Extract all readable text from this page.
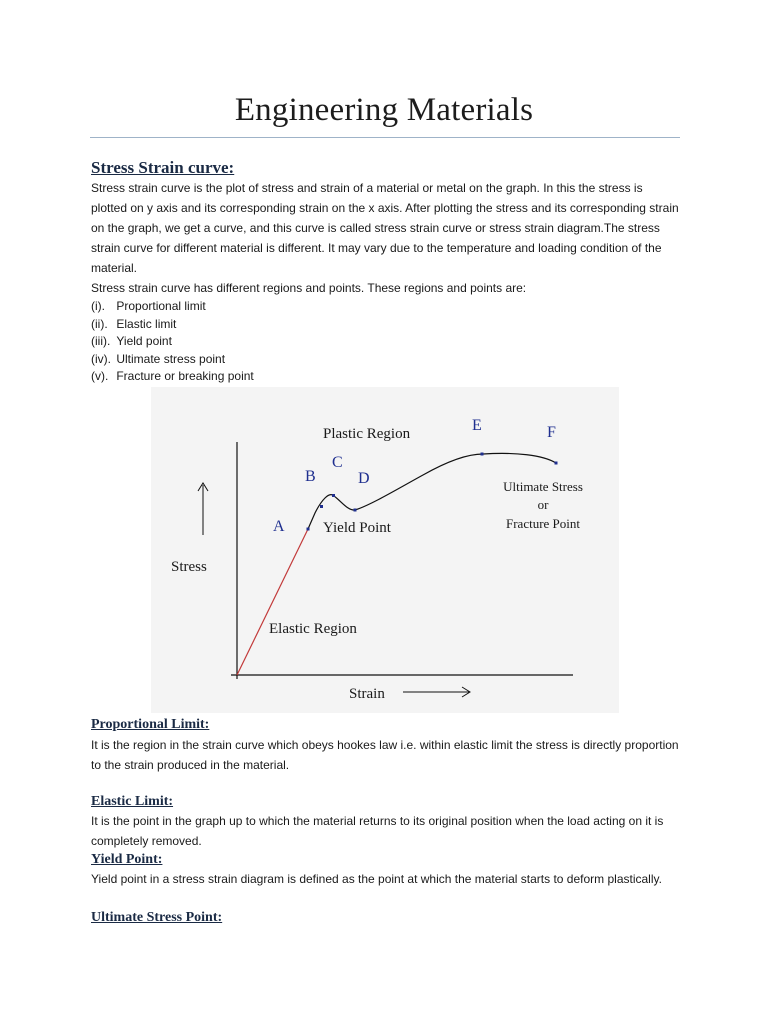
Engineering Materials
Stress Strain curve:

Stress strain curve is the plot of stress and strain of a material or metal on the graph. In this the stress is plotted on y axis and its corresponding strain on the x axis. After plotting the stress and its corresponding strain on the graph, we get a curve, and this curve is called stress strain curve or stress strain diagram.The stress strain curve for different material is different. It may vary due to the temperature and loading condition of the material.

Stress strain curve has different regions and points. These regions and points are:

(i). Proportional limit
(ii). Elastic limit
(iii). Yield point
(iv). Ultimate stress point
(v). Fracture or breaking point
Plastic Region
Elastic Region
Yield Point
Stress
Strain
Ultimate Stress
or
Fracture Point
A
B
C
D
E	F
Proportional Limit:

It is the region in the strain curve which obeys hookes law i.e. within elastic limit the stress is directly proportion to the strain produced in the material.

Elastic Limit:

It is the point in the graph up to which the material returns to its original position when the load acting on it is completely removed.

Yield Point:

Yield point in a stress strain diagram is defined as the point at which the material starts to deform plastically.

Ultimate Stress Point:
